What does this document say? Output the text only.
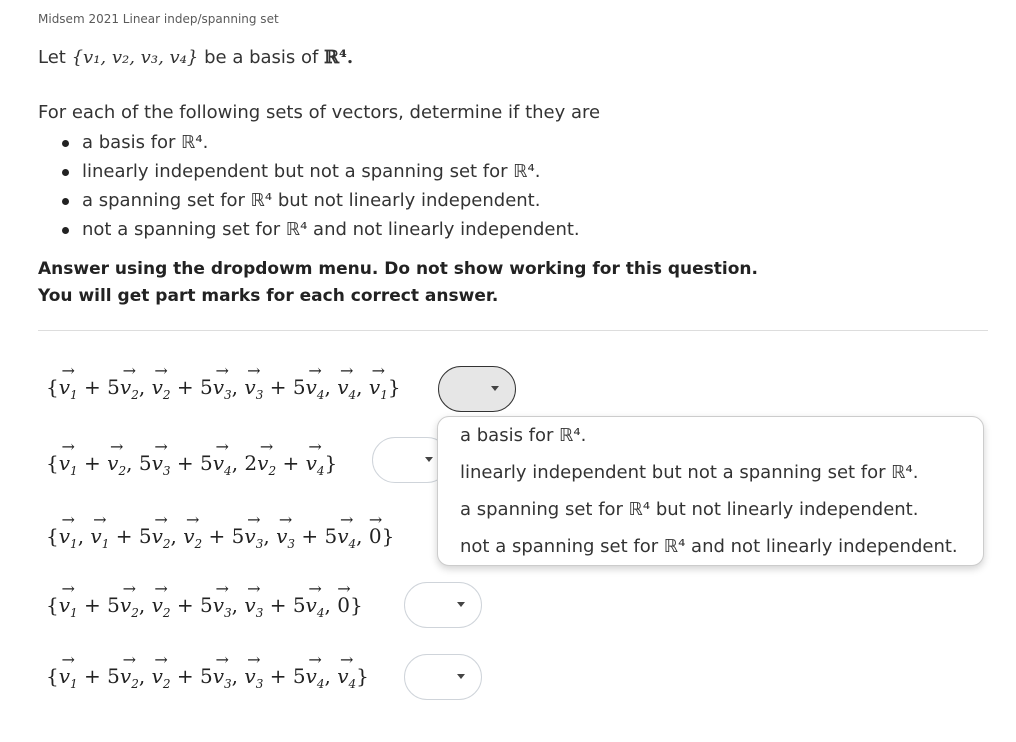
Midsem 2021 Linear indep/spanning set
Let {v₁, v₂, v₃, v₄} be a basis of ℝ⁴.
For each of the following sets of vectors, determine if they are
a basis for ℝ⁴.
linearly independent but not a spanning set for ℝ⁴.
a spanning set for ℝ⁴ but not linearly independent.
not a spanning set for ℝ⁴ and not linearly independent.
Answer using the dropdowm menu. Do not show working for this question.
You will get part marks for each correct answer.
{→ $v_1 + 5\to v_2$, → $v_2 + 5\to v_3$, → $v_3 + 5\to v_4$, → $v_4$, → $v_1$}
{→ $v_1$ + → $v_2$, $5\to v_3 + 5\to v_4$, $2\to v_2$ + → $v_4$}
{→ $v_1$, → $v_1 + 5\to v_2$, → $v_2 + 5\to v_3$, → $v_3 + 5\to v_4$, → 0}
{→ $v_1 + 5\to v_2$, → $v_2 + 5\to v_3$, → $v_3 + 5\to v_4$, → 0}
{→ $v_1 + 5\to v_2$, → $v_2 + 5\to v_3$, → $v_3 + 5\to v_4$, → $v_4$}
a basis for ℝ⁴.
linearly independent but not a spanning set for ℝ⁴.
a spanning set for ℝ⁴ but not linearly independent.
not a spanning set for ℝ⁴ and not linearly independent.
